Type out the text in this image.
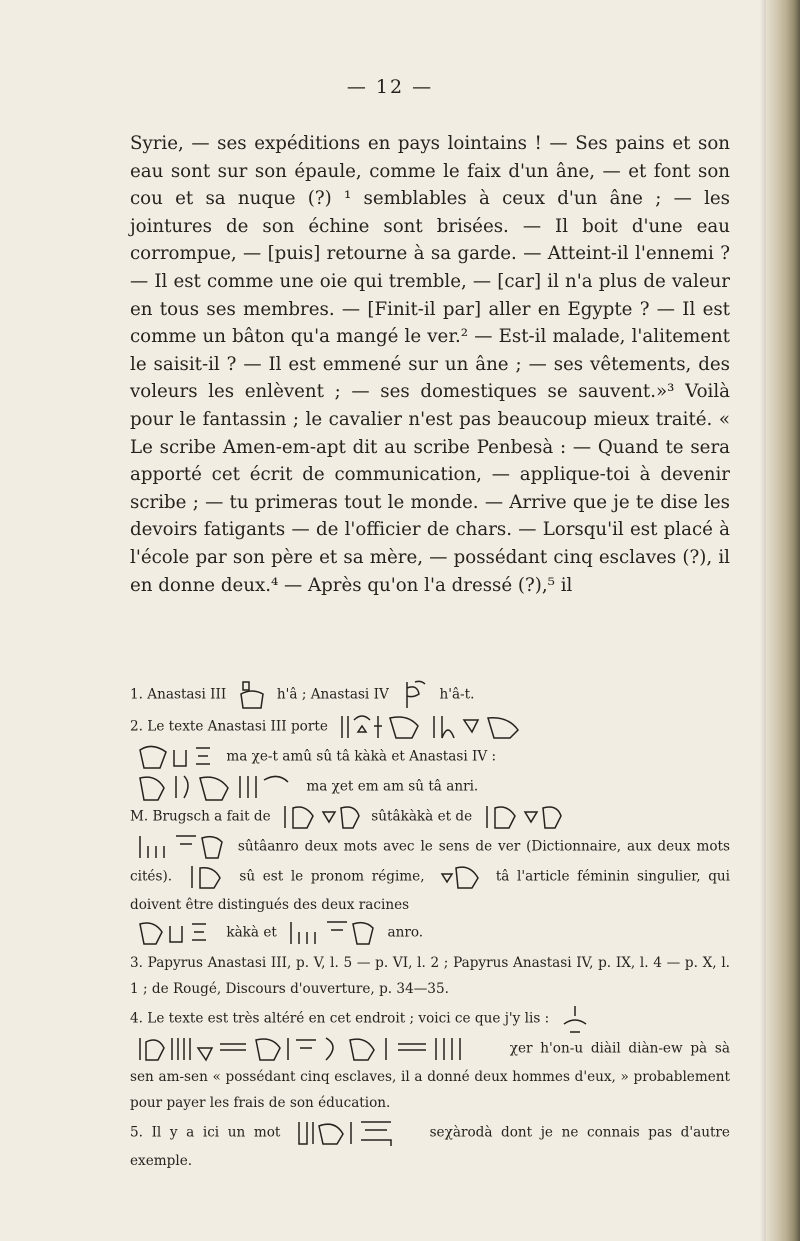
— 12 —

Syrie, — ses expéditions en pays lointains ! — Ses pains et son eau sont sur son épaule, comme le faix d'un âne, — et font son cou et sa nuque (?) ¹ semblables à ceux d'un âne ; — les jointures de son échine sont brisées. — Il boit d'une eau corrompue, — [puis] retourne à sa garde. — Atteint-il l'ennemi ? — Il est comme une oie qui tremble, — [car] il n'a plus de valeur en tous ses membres. — [Finit-il par] aller en Egypte ? — Il est comme un bâton qu'a mangé le ver.² — Est-il malade, l'alitement le saisit-il ? — Il est emmené sur un âne ; — ses vêtements, des voleurs les enlèvent ; — ses domestiques se sauvent.»³ Voilà pour le fantassin ; le cavalier n'est pas beaucoup mieux traité. « Le scribe Amen-em-apt dit au scribe Penbesà : — Quand te sera apporté cet écrit de communication, — applique-toi à devenir scribe ; — tu primeras tout le monde. — Arrive que je te dise les devoirs fatigants — de l'officier de chars. — Lorsqu'il est placé à l'école par son père et sa mère, — possédant cinq esclaves (?), il en donne deux.⁴ — Après qu'on l'a dressé (?),⁵ il

1. Anastasi III	h'â ; Anastasi IV	h'â-t.

2. Le texte Anastasi III porte

ma χe-t amû sû tâ kàkà et Anastasi IV :

ma χet em am sû tâ anri.
M. Brugsch a fait de	sûtâkàkà et de

sûtâanro deux mots avec le sens de ver (Dictionnaire, aux deux mots cités).	sû est le pronom régime,	tâ l'article féminin singulier, qui doivent être distingués des deux racines

kàkà et	anro.

3. Papyrus Anastasi III, p. V, l. 5 — p. VI, l. 2 ; Papyrus Anastasi IV, p. IX, l. 4 — p. X, l. 1 ; de Rougé, Discours d'ouverture, p. 34—35.

4. Le texte est très altéré en cet endroit ; voici ce que j'y lis :

χer h'on-u diàil diàn-ew pà sà sen am-sen « possédant cinq esclaves, il a donné deux hommes d'eux, » probablement pour payer les frais de son éducation.

5. Il y a ici un mot	seχàrodà dont je ne connais pas d'autre exemple.
